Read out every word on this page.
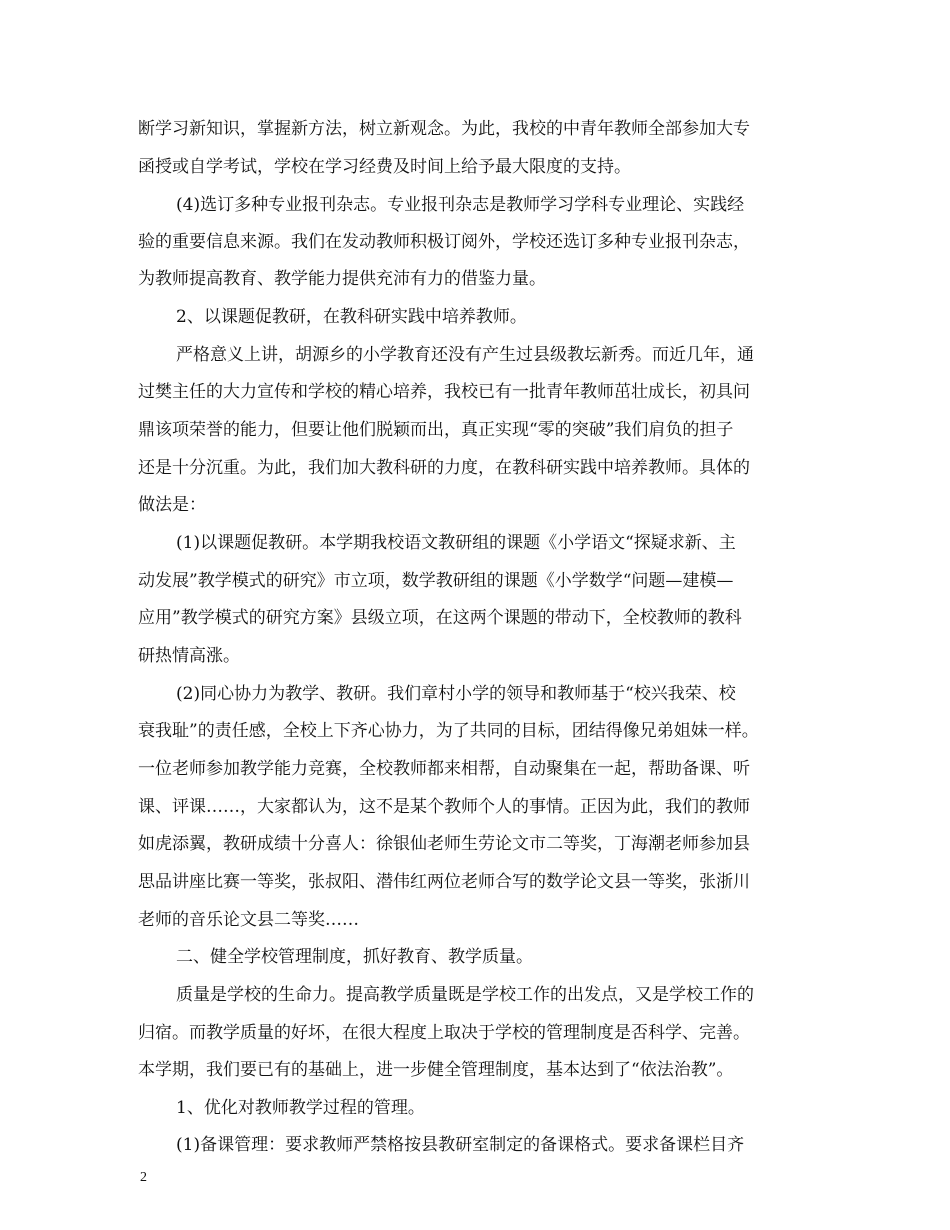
断学习新知识，掌握新方法，树立新观念。为此，我校的中青年教师全部参加大专
函授或自学考试，学校在学习经费及时间上给予最大限度的支持。
(4)选订多种专业报刊杂志。专业报刊杂志是教师学习学科专业理论、实践经
验的重要信息来源。我们在发动教师积极订阅外，学校还选订多种专业报刊杂志，
为教师提高教育、教学能力提供充沛有力的借鉴力量。
2、以课题促教研，在教科研实践中培养教师。
严格意义上讲，胡源乡的小学教育还没有产生过县级教坛新秀。而近几年，通
过樊主任的大力宣传和学校的精心培养，我校已有一批青年教师茁壮成长，初具问
鼎该项荣誉的能力，但要让他们脱颖而出，真正实现“零的突破”我们肩负的担子
还是十分沉重。为此，我们加大教科研的力度，在教科研实践中培养教师。具体的
做法是：
(1)以课题促教研。本学期我校语文教研组的课题《小学语文“探疑求新、主
动发展”教学模式的研究》市立项，数学教研组的课题《小学数学“问题—建模—
应用”教学模式的研究方案》县级立项，在这两个课题的带动下，全校教师的教科
研热情高涨。
(2)同心协力为教学、教研。我们章村小学的领导和教师基于“校兴我荣、校
衰我耻”的责任感，全校上下齐心协力，为了共同的目标，团结得像兄弟姐妹一样。
一位老师参加教学能力竞赛，全校教师都来相帮，自动聚集在一起，帮助备课、听
课、评课……，大家都认为，这不是某个教师个人的事情。正因为此，我们的教师
如虎添翼，教研成绩十分喜人：徐银仙老师生劳论文市二等奖，丁海潮老师参加县
思品讲座比赛一等奖，张叔阳、潜伟红两位老师合写的数学论文县一等奖，张浙川
老师的音乐论文县二等奖……
二、健全学校管理制度，抓好教育、教学质量。
质量是学校的生命力。提高教学质量既是学校工作的出发点，又是学校工作的
归宿。而教学质量的好坏，在很大程度上取决于学校的管理制度是否科学、完善。
本学期，我们要已有的基础上，进一步健全管理制度，基本达到了“依法治教”。
1、优化对教师教学过程的管理。
(1)备课管理：要求教师严禁格按县教研室制定的备课格式。要求备课栏目齐
2
